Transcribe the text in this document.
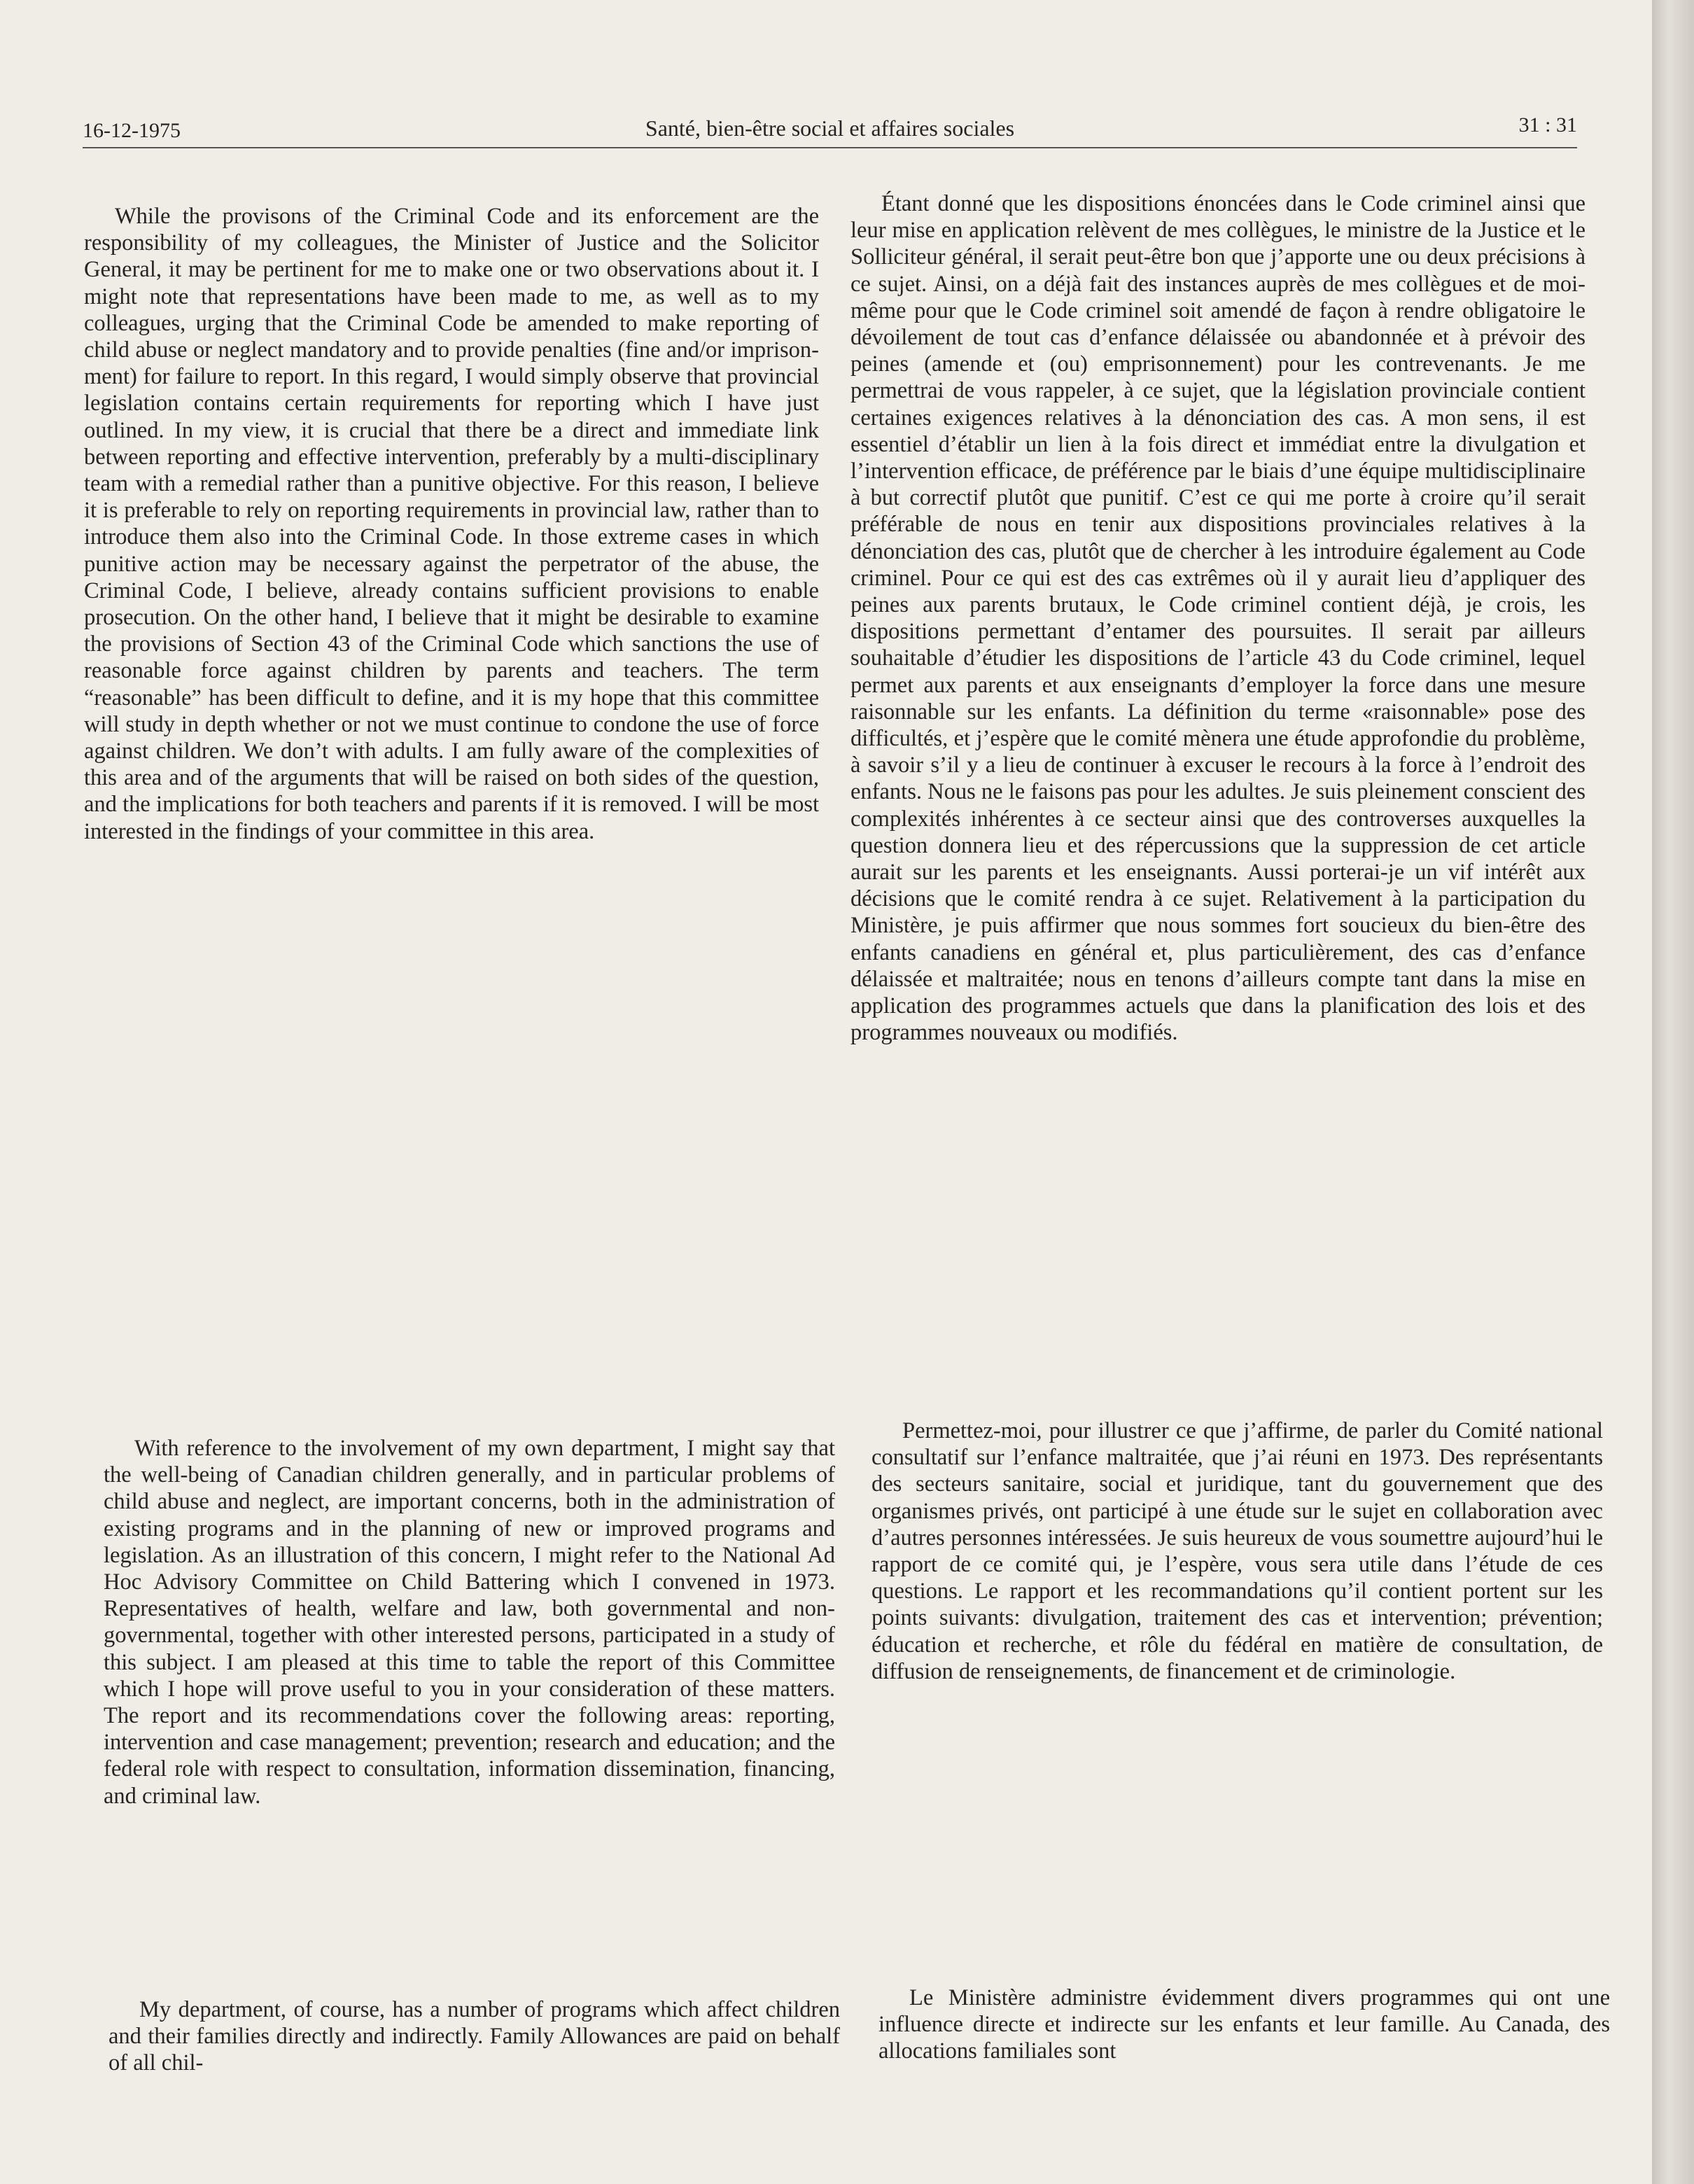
16-12-1975	Santé, bien-être social et affaires sociales	31 : 31

While the provisons of the Criminal Code and its enforcement are the responsibility of my colleagues, the Minister of Justice and the Solicitor General, it may be pertinent for me to make one or two observations about it. I might note that representations have been made to me, as well as to my colleagues, urging that the Criminal Code be amended to make reporting of child abuse or neglect mandatory and to provide penalties (fine and/or imprisonment) for failure to report. In this regard, I would simply observe that provincial legislation contains certain requirements for reporting which I have just outlined. In my view, it is crucial that there be a direct and immediate link between reporting and effective intervention, preferably by a multi-disciplinary team with a remedial rather than a punitive objective. For this reason, I believe it is preferable to rely on reporting requirements in provincial law, rather than to introduce them also into the Criminal Code. In those extreme cases in which punitive action may be necessary against the perpetrator of the abuse, the Criminal Code, I believe, already contains sufficient provisions to enable prosecution. On the other hand, I believe that it might be desirable to examine the provisions of Section 43 of the Criminal Code which sanctions the use of reasonable force against children by parents and teachers. The term “reasonable” has been difficult to define, and it is my hope that this committee will study in depth whether or not we must continue to condone the use of force against children. We don’t with adults. I am fully aware of the complexities of this area and of the arguments that will be raised on both sides of the question, and the implications for both teachers and parents if it is removed. I will be most interested in the findings of your committee in this area.

Étant donné que les dispositions énoncées dans le Code criminel ainsi que leur mise en application relèvent de mes collègues, le ministre de la Justice et le Solliciteur général, il serait peut-être bon que j’apporte une ou deux précisions à ce sujet. Ainsi, on a déjà fait des instances auprès de mes collègues et de moi-même pour que le Code criminel soit amendé de façon à rendre obligatoire le dévoilement de tout cas d’enfance délaissée ou abandonnée et à prévoir des peines (amende et (ou) emprisonnement) pour les contrevenants. Je me permettrai de vous rappeler, à ce sujet, que la législation provinciale contient certaines exigences relatives à la dénonciation des cas. A mon sens, il est essentiel d’établir un lien à la fois direct et immédiat entre la divulgation et l’intervention efficace, de préférence par le biais d’une équipe multidisciplinaire à but correctif plutôt que punitif. C’est ce qui me porte à croire qu’il serait préférable de nous en tenir aux dispositions provinciales relatives à la dénonciation des cas, plutôt que de chercher à les introduire également au Code criminel. Pour ce qui est des cas extrêmes où il y aurait lieu d’appliquer des peines aux parents brutaux, le Code criminel contient déjà, je crois, les dispositions permettant d’entamer des poursuites. Il serait par ailleurs souhaitable d’étudier les dispositions de l’article 43 du Code criminel, lequel permet aux parents et aux enseignants d’employer la force dans une mesure raisonnable sur les enfants. La définition du terme «raisonnable» pose des difficultés, et j’espère que le comité mènera une étude approfondie du problème, à savoir s’il y a lieu de continuer à excuser le recours à la force à l’endroit des enfants. Nous ne le faisons pas pour les adultes. Je suis pleinement conscient des complexités inhérentes à ce secteur ainsi que des controverses auxquelles la question donnera lieu et des répercussions que la suppression de cet article aurait sur les parents et les enseignants. Aussi porterai-je un vif intérêt aux décisions que le comité rendra à ce sujet. Relativement à la participation du Ministère, je puis affirmer que nous sommes fort soucieux du bien-être des enfants canadiens en général et, plus particulièrement, des cas d’enfance délaissée et maltraitée; nous en tenons d’ailleurs compte tant dans la mise en application des programmes actuels que dans la planification des lois et des programmes nouveaux ou modifiés.

With reference to the involvement of my own department, I might say that the well-being of Canadian children generally, and in particular problems of child abuse and neglect, are important concerns, both in the administration of existing programs and in the planning of new or improved programs and legislation. As an illustration of this concern, I might refer to the National Ad Hoc Advisory Committee on Child Battering which I convened in 1973. Representatives of health, welfare and law, both governmental and non-governmental, together with other interested persons, participated in a study of this subject. I am pleased at this time to table the report of this Committee which I hope will prove useful to you in your consideration of these matters. The report and its recommendations cover the following areas: reporting, intervention and case management; prevention; research and education; and the federal role with respect to consultation, information dissemination, financing, and criminal law.

Permettez-moi, pour illustrer ce que j’affirme, de parler du Comité national consultatif sur l’enfance maltraitée, que j’ai réuni en 1973. Des représentants des secteurs sanitaire, social et juridique, tant du gouvernement que des organismes privés, ont participé à une étude sur le sujet en collaboration avec d’autres personnes intéressées. Je suis heureux de vous soumettre aujourd’hui le rapport de ce comité qui, je l’espère, vous sera utile dans l’étude de ces questions. Le rapport et les recommandations qu’il contient portent sur les points suivants: divulgation, traitement des cas et intervention; prévention; éducation et recherche, et rôle du fédéral en matière de consultation, de diffusion de renseignements, de financement et de criminologie.

My department, of course, has a number of programs which affect children and their families directly and indirectly. Family Allowances are paid on behalf of all chil-

Le Ministère administre évidemment divers programmes qui ont une influence directe et indirecte sur les enfants et leur famille. Au Canada, des allocations familiales sont
